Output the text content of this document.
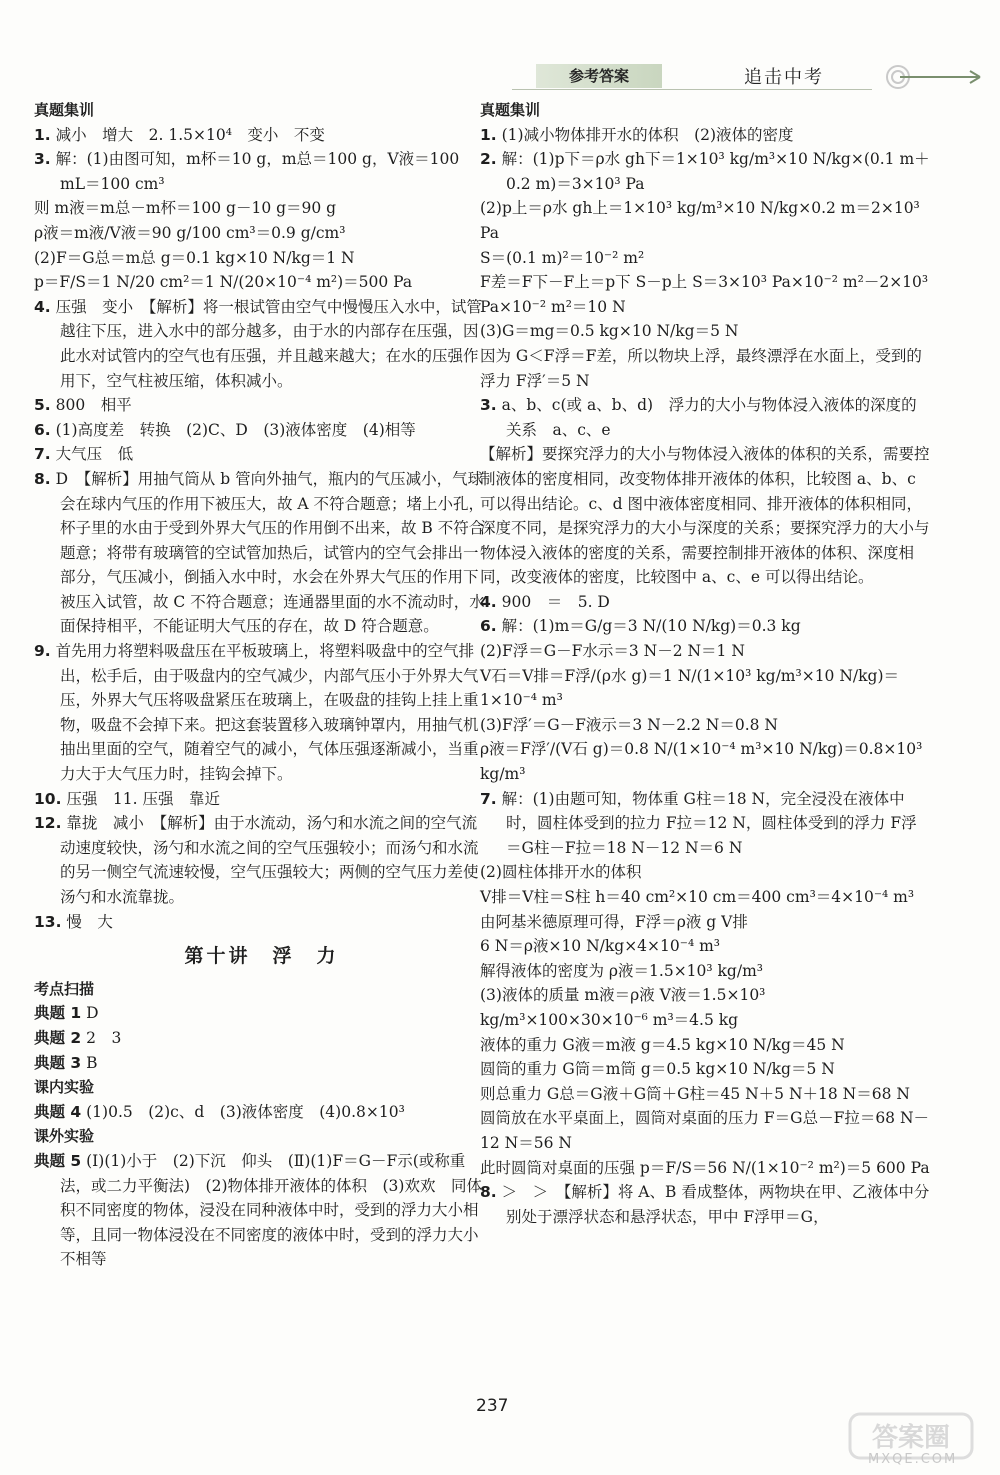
参考答案	追击中考

真题集训

1. 减小　增大　2. 1.5×10⁴　变小　不变

3. 解：(1)由图可知，m杯＝10 g，m总＝100 g，V液＝100 mL＝100 cm³

则 m液＝m总－m杯＝100 g－10 g＝90 g

ρ液＝m液/V液＝90 g/100 cm³＝0.9 g/cm³

(2)F＝G总＝m总 g＝0.1 kg×10 N/kg＝1 N

p＝F/S＝1 N/20 cm²＝1 N/(20×10⁻⁴ m²)＝500 Pa

4. 压强　变小　【解析】将一根试管由空气中慢慢压入水中，试管越往下压，进入水中的部分越多，由于水的内部存在压强，因此水对试管内的空气也有压强，并且越来越大；在水的压强作用下，空气柱被压缩，体积减小。

5. 800　相平

6. (1)高度差　转换　(2)C、D　(3)液体密度　(4)相等

7. 大气压　低

8. D　【解析】用抽气筒从 b 管向外抽气，瓶内的气压减小，气球会在球内气压的作用下被压大，故 A 不符合题意；堵上小孔，杯子里的水由于受到外界大气压的作用倒不出来，故 B 不符合题意；将带有玻璃管的空试管加热后，试管内的空气会排出一部分，气压减小，倒插入水中时，水会在外界大气压的作用下被压入试管，故 C 不符合题意；连通器里面的水不流动时，水面保持相平，不能证明大气压的存在，故 D 符合题意。

9. 首先用力将塑料吸盘压在平板玻璃上，将塑料吸盘中的空气排出，松手后，由于吸盘内的空气减少，内部气压小于外界大气压，外界大气压将吸盘紧压在玻璃上，在吸盘的挂钩上挂上重物，吸盘不会掉下来。把这套装置移入玻璃钟罩内，用抽气机抽出里面的空气，随着空气的减小，气体压强逐渐减小，当重力大于大气压力时，挂钩会掉下。

10. 压强　11. 压强　靠近

12. 靠拢　减小　【解析】由于水流动，汤勺和水流之间的空气流动速度较快，汤勺和水流之间的空气压强较小；而汤勺和水流的另一侧空气流速较慢，空气压强较大；两侧的空气压力差使汤勺和水流靠拢。

13. 慢　大

第十讲　浮　力

考点扫描

典题 1 D

典题 2 2　3

典题 3 B

课内实验

典题 4 (1)0.5　(2)c、d　(3)液体密度　(4)0.8×10³

课外实验

典题 5 (Ⅰ)(1)小于　(2)下沉　仰头　(Ⅱ)(1)F＝G－F示(或称重法，或二力平衡法)　(2)物体排开液体的体积　(3)欢欢　同体积不同密度的物体，浸没在同种液体中时，受到的浮力大小相等，且同一物体浸没在不同密度的液体中时，受到的浮力大小不相等

真题集训

1. (1)减小物体排开水的体积　(2)液体的密度

2. 解：(1)p下＝ρ水 gh下＝1×10³ kg/m³×10 N/kg×(0.1 m＋0.2 m)＝3×10³ Pa

(2)p上＝ρ水 gh上＝1×10³ kg/m³×10 N/kg×0.2 m＝2×10³ Pa

S＝(0.1 m)²＝10⁻² m²

F差＝F下－F上＝p下 S－p上 S＝3×10³ Pa×10⁻² m²－2×10³ Pa×10⁻² m²＝10 N

(3)G＝mg＝0.5 kg×10 N/kg＝5 N

因为 G＜F浮＝F差，所以物块上浮，最终漂浮在水面上，受到的浮力 F浮′＝5 N

3. a、b、c(或 a、b、d)　浮力的大小与物体浸入液体的深度的关系　a、c、e

【解析】要探究浮力的大小与物体浸入液体的体积的关系，需要控制液体的密度相同，改变物体排开液体的体积，比较图 a、b、c 可以得出结论。c、d 图中液体密度相同、排开液体的体积相同，深度不同，是探究浮力的大小与深度的关系；要探究浮力的大小与物体浸入液体的密度的关系，需要控制排开液体的体积、深度相同，改变液体的密度，比较图中 a、c、e 可以得出结论。

4. 900　＝　5. D

6. 解：(1)m＝G/g＝3 N/(10 N/kg)＝0.3 kg

(2)F浮＝G－F水示＝3 N－2 N＝1 N

V石＝V排＝F浮/(ρ水 g)＝1 N/(1×10³ kg/m³×10 N/kg)＝1×10⁻⁴ m³

(3)F浮′＝G－F液示＝3 N－2.2 N＝0.8 N

ρ液＝F浮′/(V石 g)＝0.8 N/(1×10⁻⁴ m³×10 N/kg)＝0.8×10³ kg/m³

7. 解：(1)由题可知，物体重 G柱＝18 N，完全浸没在液体中时，圆柱体受到的拉力 F拉＝12 N，圆柱体受到的浮力 F浮＝G柱－F拉＝18 N－12 N＝6 N

(2)圆柱体排开水的体积

V排＝V柱＝S柱 h＝40 cm²×10 cm＝400 cm³＝4×10⁻⁴ m³

由阿基米德原理可得，F浮＝ρ液 g V排

6 N＝ρ液×10 N/kg×4×10⁻⁴ m³

解得液体的密度为 ρ液＝1.5×10³ kg/m³

(3)液体的质量 m液＝ρ液 V液＝1.5×10³ kg/m³×100×30×10⁻⁶ m³＝4.5 kg

液体的重力 G液＝m液 g＝4.5 kg×10 N/kg＝45 N

圆筒的重力 G筒＝m筒 g＝0.5 kg×10 N/kg＝5 N

则总重力 G总＝G液＋G筒＋G柱＝45 N＋5 N＋18 N＝68 N

圆筒放在水平桌面上，圆筒对桌面的压力 F＝G总－F拉＝68 N－12 N＝56 N

此时圆筒对桌面的压强 p＝F/S＝56 N/(1×10⁻² m²)＝5 600 Pa

8. ＞　＞　【解析】将 A、B 看成整体，两物块在甲、乙液体中分别处于漂浮状态和悬浮状态，甲中 F浮甲＝G，

237
答案圈
MXQE.COM
